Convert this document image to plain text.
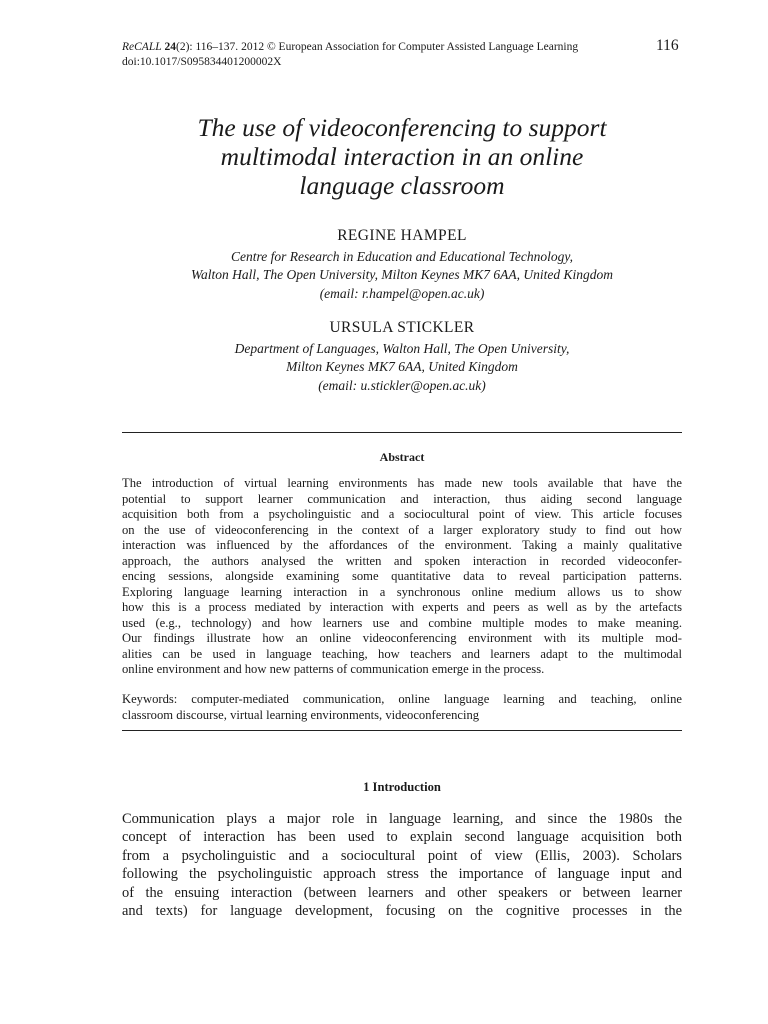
ReCALL 24(2): 116–137. 2012 © European Association for Computer Assisted Language Learning
doi:10.1017/S095834401200002X
116
The use of videoconferencing to support
multimodal interaction in an online
language classroom
REGINE HAMPEL
Centre for Research in Education and Educational Technology,
Walton Hall, The Open University, Milton Keynes MK7 6AA, United Kingdom
(email: r.hampel@open.ac.uk)
URSULA STICKLER
Department of Languages, Walton Hall, The Open University,
Milton Keynes MK7 6AA, United Kingdom
(email: u.stickler@open.ac.uk)
Abstract
The introduction of virtual learning environments has made new tools available that have the
potential to support learner communication and interaction, thus aiding second language
acquisition both from a psycholinguistic and a sociocultural point of view. This article focuses
on the use of videoconferencing in the context of a larger exploratory study to find out how
interaction was influenced by the affordances of the environment. Taking a mainly qualitative
approach, the authors analysed the written and spoken interaction in recorded videoconfer-
encing sessions, alongside examining some quantitative data to reveal participation patterns.
Exploring language learning interaction in a synchronous online medium allows us to show
how this is a process mediated by interaction with experts and peers as well as by the artefacts
used (e.g., technology) and how learners use and combine multiple modes to make meaning.
Our findings illustrate how an online videoconferencing environment with its multiple mod-
alities can be used in language teaching, how teachers and learners adapt to the multimodal
online environment and how new patterns of communication emerge in the process.
Keywords: computer-mediated communication, online language learning and teaching, online
classroom discourse, virtual learning environments, videoconferencing
1 Introduction
Communication plays a major role in language learning, and since the 1980s the
concept of interaction has been used to explain second language acquisition both
from a psycholinguistic and a sociocultural point of view (Ellis, 2003). Scholars
following the psycholinguistic approach stress the importance of language input and
of the ensuing interaction (between learners and other speakers or between learner
and texts) for language development, focusing on the cognitive processes in the
